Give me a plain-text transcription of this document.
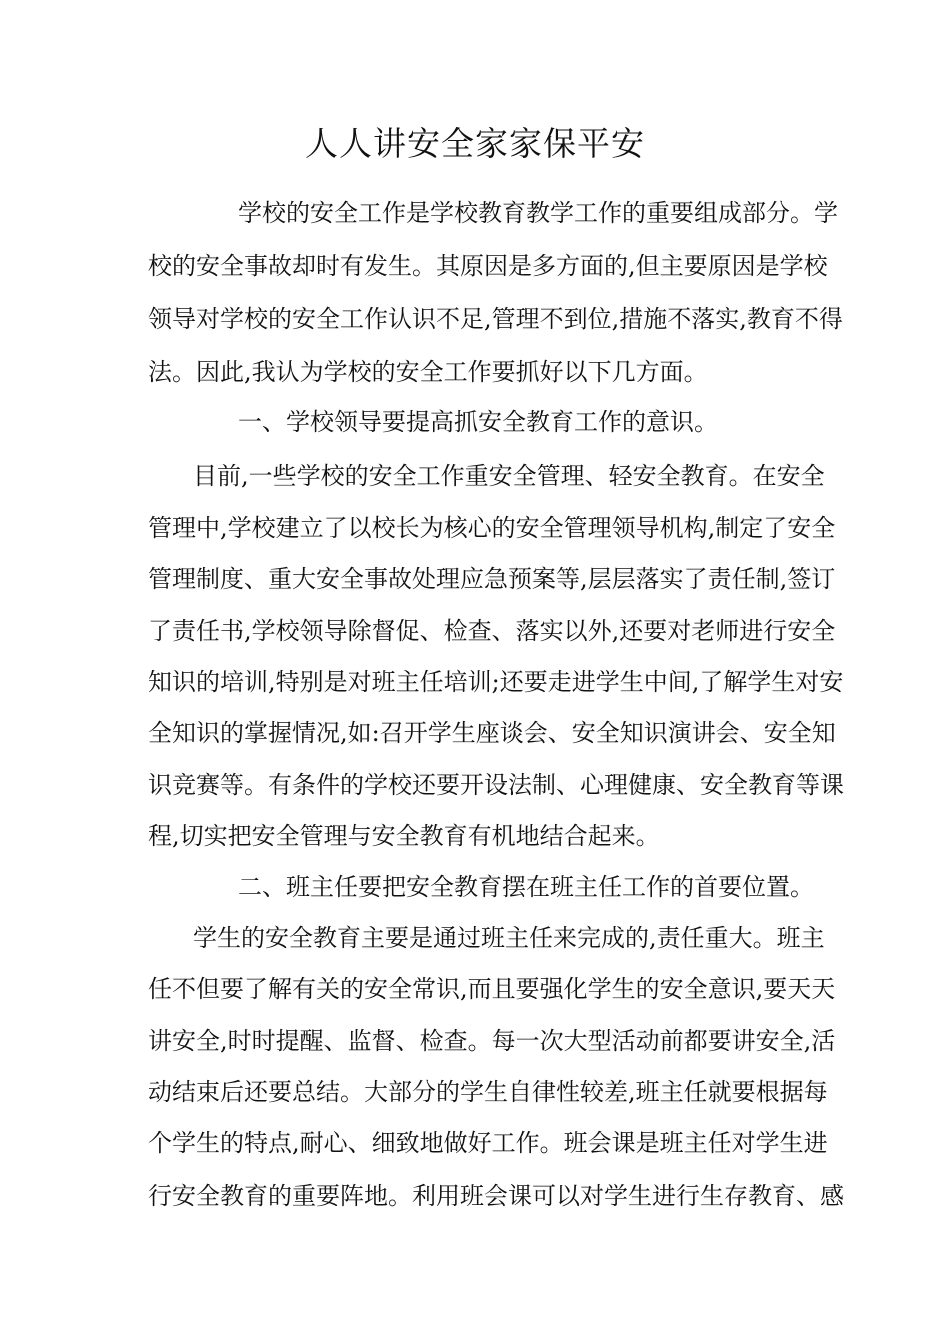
人人讲安全家家保平安
学校的安全工作是学校教育教学工作的重要组成部分。学
校的安全事故却时有发生。其原因是多方面的,但主要原因是学校
领导对学校的安全工作认识不足,管理不到位,措施不落实,教育不得
法。因此,我认为学校的安全工作要抓好以下几方面。
一、学校领导要提高抓安全教育工作的意识。
目前,一些学校的安全工作重安全管理、轻安全教育。在安全
管理中,学校建立了以校长为核心的安全管理领导机构,制定了安全
管理制度、重大安全事故处理应急预案等,层层落实了责任制,签订
了责任书,学校领导除督促、检查、落实以外,还要对老师进行安全
知识的培训,特别是对班主任培训;还要走进学生中间,了解学生对安
全知识的掌握情况,如:召开学生座谈会、安全知识演讲会、安全知
识竞赛等。有条件的学校还要开设法制、心理健康、安全教育等课
程,切实把安全管理与安全教育有机地结合起来。
二、班主任要把安全教育摆在班主任工作的首要位置。
学生的安全教育主要是通过班主任来完成的,责任重大。班主
任不但要了解有关的安全常识,而且要强化学生的安全意识,要天天
讲安全,时时提醒、监督、检查。每一次大型活动前都要讲安全,活
动结束后还要总结。大部分的学生自律性较差,班主任就要根据每
个学生的特点,耐心、细致地做好工作。班会课是班主任对学生进
行安全教育的重要阵地。利用班会课可以对学生进行生存教育、感
